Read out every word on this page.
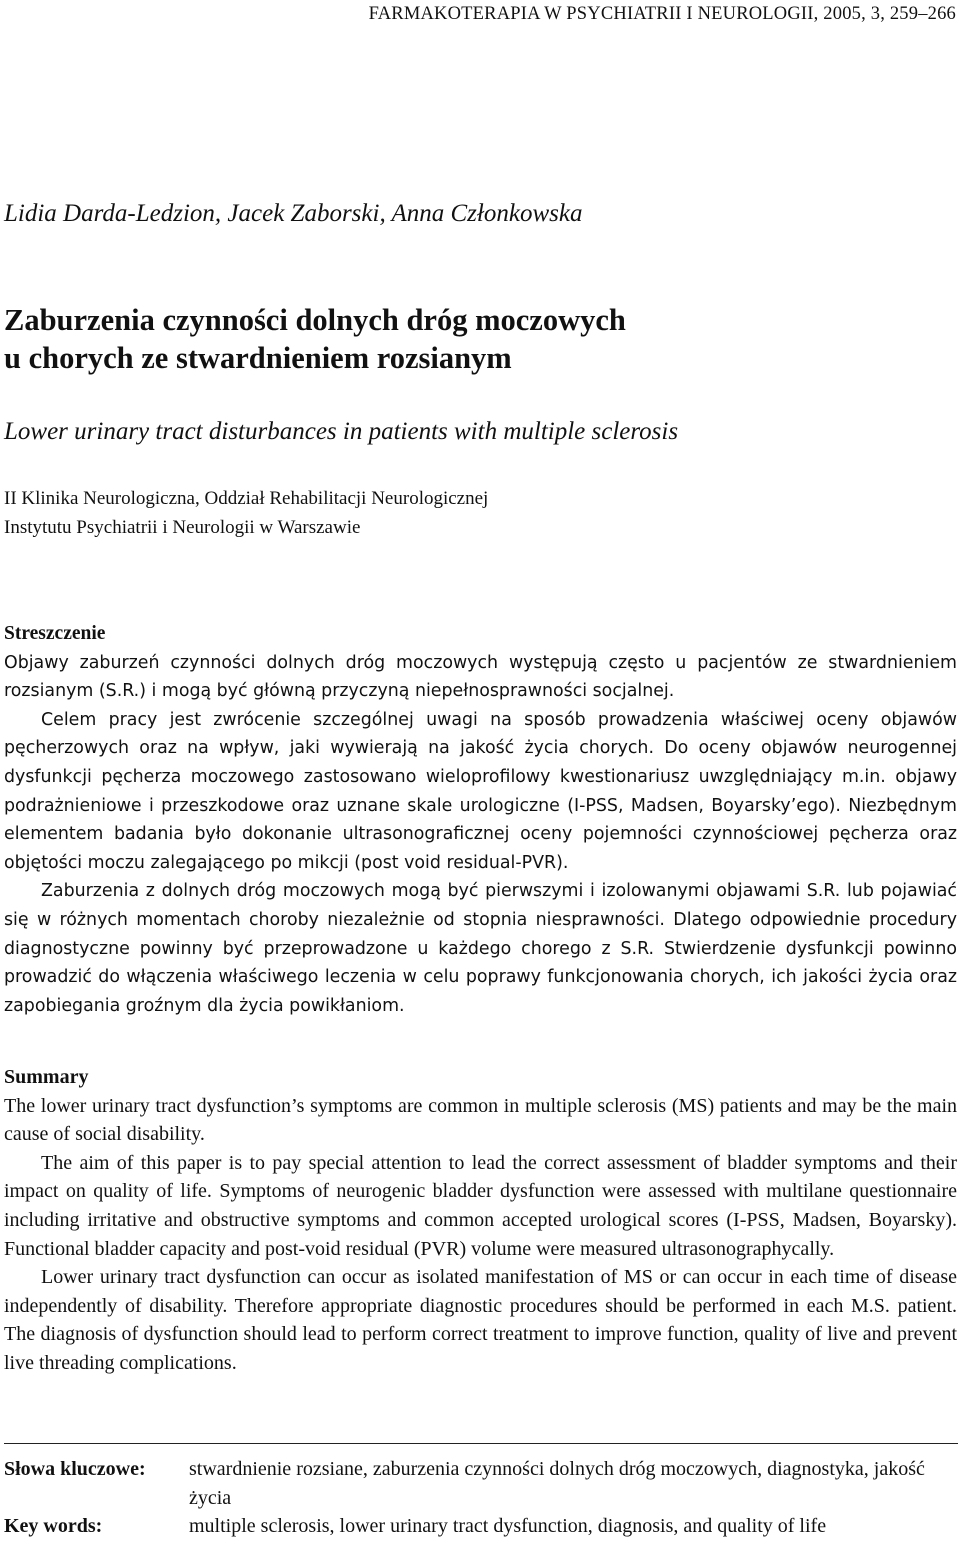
FARMAKOTERAPIA W PSYCHIATRII I NEUROLOGII, 2005, 3, 259–266
Lidia Darda-Ledzion, Jacek Zaborski, Anna Członkowska
Zaburzenia czynności dolnych dróg moczowych
u chorych ze stwardnieniem rozsianym
Lower urinary tract disturbances in patients with multiple sclerosis
II Klinika Neurologiczna, Oddział Rehabilitacji Neurologicznej
Instytutu Psychiatrii i Neurologii w Warszawie
Streszczenie

Objawy zaburzeń czynności dolnych dróg moczowych występują często u pacjentów ze stwardnieniem rozsianym (S.R.) i mogą być główną przyczyną niepełnosprawności socjalnej.

Celem pracy jest zwrócenie szczególnej uwagi na sposób prowadzenia właściwej oceny objawów pęcherzowych oraz na wpływ, jaki wywierają na jakość życia chorych. Do oceny objawów neurogennej dysfunkcji pęcherza moczowego zastosowano wieloprofilowy kwestionariusz uwzględniający m.in. objawy podrażnieniowe i przeszkodowe oraz uznane skale urologiczne (I-PSS, Madsen, Boyarsky’ego). Niezbędnym elementem badania było dokonanie ultrasonograficznej oceny pojemności czynnościowej pęcherza oraz objętości moczu zalegającego po mikcji (post void residual-PVR).

Zaburzenia z dolnych dróg moczowych mogą być pierwszymi i izolowanymi objawami S.R. lub pojawiać się w różnych momentach choroby niezależnie od stopnia niesprawności. Dlatego odpowiednie procedury diagnostyczne powinny być przeprowadzone u każdego chorego z S.R. Stwierdzenie dysfunkcji powinno prowadzić do włączenia właściwego leczenia w celu poprawy funkcjonowania chorych, ich jakości życia oraz zapobiegania groźnym dla życia powikłaniom.

Summary

The lower urinary tract dysfunction’s symptoms are common in multiple sclerosis (MS) patients and may be the main cause of social disability.

The aim of this paper is to pay special attention to lead the correct assessment of bladder symptoms and their impact on quality of life. Symptoms of neurogenic bladder dysfunction were assessed with multilane questionnaire including irritative and obstructive symptoms and common accepted urological scores (I-PSS, Madsen, Boyarsky). Functional bladder capacity and post-void residual (PVR) volume were measured ultrasonographycally.

Lower urinary tract dysfunction can occur as isolated manifestation of MS or can occur in each time of disease independently of disability. Therefore appropriate diagnostic procedures should be performed in each M.S. patient. The diagnosis of dysfunction should lead to perform correct treatment to improve function, quality of live and prevent live threading complications.

Słowa kluczowe:	stwardnienie rozsiane, zaburzenia czynności dolnych dróg moczowych, diagnostyka, jakość życia
Key words:	multiple sclerosis, lower urinary tract dysfunction, diagnosis, and quality of life
